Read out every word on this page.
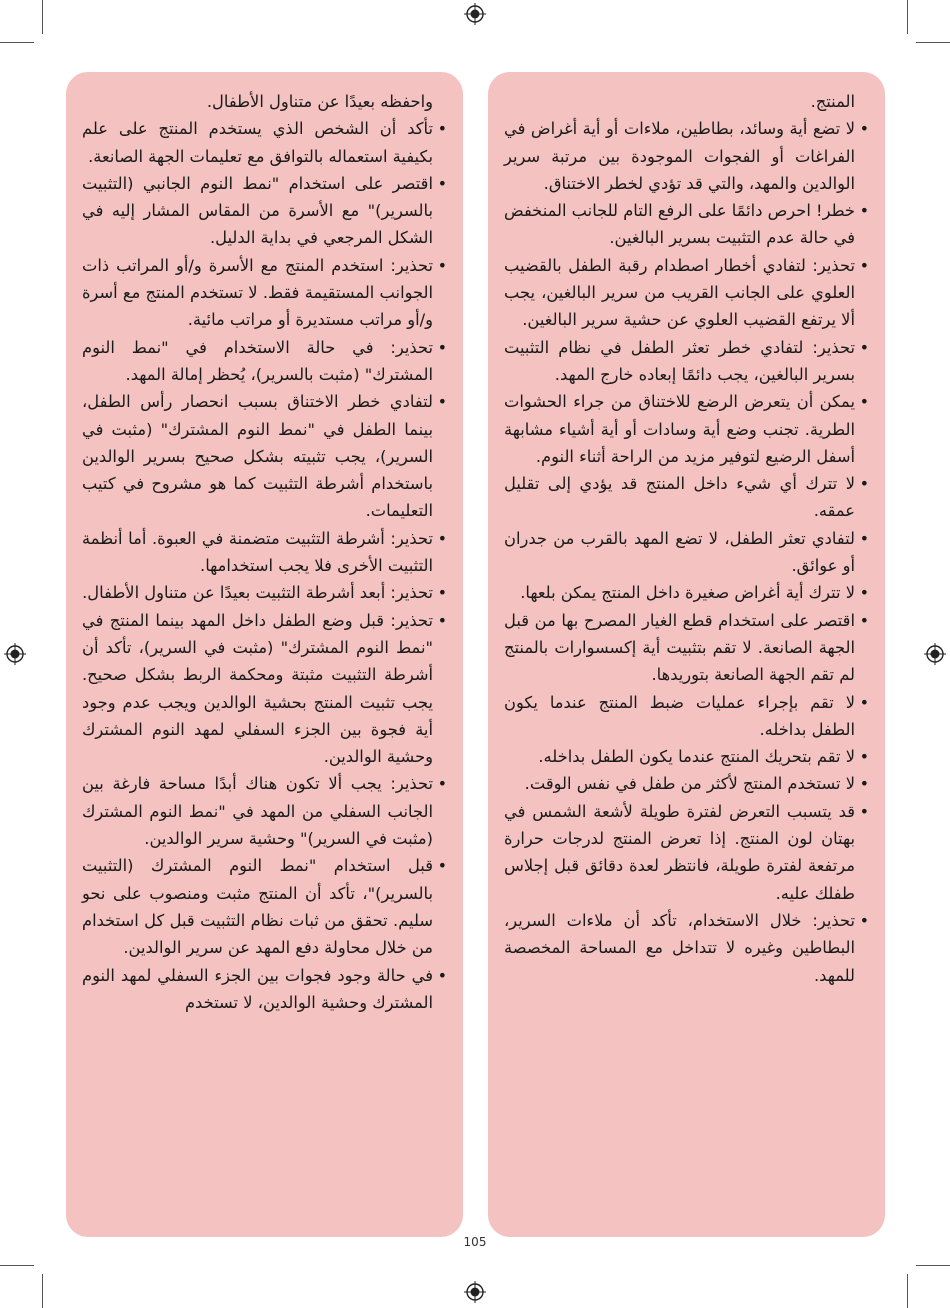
المنتج.
•
لا تضع أية وسائد، بطاطين، ملاءات أو أية أغراض في الفراغات أو الفجوات الموجودة بين مرتبة سرير الوالدين والمهد، والتي قد تؤدي لخطر الاختناق.
•
خطر! احرص دائمًا على الرفع التام للجانب المنخفض في حالة عدم التثبيت بسرير البالغين.
•
تحذير: لتفادي أخطار اصطدام رقبة الطفل بالقضيب العلوي على الجانب القريب من سرير البالغين، يجب ألا يرتفع القضيب العلوي عن حشية سرير البالغين.
•
تحذير: لتفادي خطر تعثر الطفل في نظام التثبيت بسرير البالغين، يجب دائمًا إبعاده خارج المهد.
•
يمكن أن يتعرض الرضع للاختناق من جراء الحشوات الطرية. تجنب وضع أية وسادات أو أية أشياء مشابهة أسفل الرضيع لتوفير مزيد من الراحة أثناء النوم.
•
لا تترك أي شيء داخل المنتج قد يؤدي إلى تقليل عمقه.
•
لتفادي تعثر الطفل، لا تضع المهد بالقرب من جدران أو عوائق.
•
لا تترك أية أغراض صغيرة داخل المنتج يمكن بلعها.
•
اقتصر على استخدام قطع الغيار المصرح بها من قبل الجهة الصانعة. لا تقم بتثبيت أية إكسسوارات بالمنتج لم تقم الجهة الصانعة بتوريدها.
•
لا تقم بإجراء عمليات ضبط المنتج عندما يكون الطفل بداخله.
•
لا تقم بتحريك المنتج عندما يكون الطفل بداخله.
•
لا تستخدم المنتج لأكثر من طفل في نفس الوقت.
•
قد يتسبب التعرض لفترة طويلة لأشعة الشمس في بهتان لون المنتج. إذا تعرض المنتج لدرجات حرارة مرتفعة لفترة طويلة، فانتظر لعدة دقائق قبل إجلاس طفلك عليه.
•
تحذير: خلال الاستخدام، تأكد أن ملاءات السرير، البطاطين وغيره لا تتداخل مع المساحة المخصصة للمهد.
واحفظه بعيدًا عن متناول الأطفال.
•
تأكد أن الشخص الذي يستخدم المنتج على علم بكيفية استعماله بالتوافق مع تعليمات الجهة الصانعة.
•
اقتصر على استخدام "نمط النوم الجانبي (التثبيت بالسرير)" مع الأسرة من المقاس المشار إليه في الشكل المرجعي في بداية الدليل.
•
تحذير: استخدم المنتج مع الأسرة و/أو المراتب ذات الجوانب المستقيمة فقط. لا تستخدم المنتج مع أسرة و/أو مراتب مستديرة أو مراتب مائية.
•
تحذير: في حالة الاستخدام في "نمط النوم المشترك" (مثبت بالسرير)، يُحظر إمالة المهد.
•
لتفادي خطر الاختناق بسبب انحصار رأس الطفل، بينما الطفل في "نمط النوم المشترك" (مثبت في السرير)، يجب تثبيته بشكل صحيح بسرير الوالدين باستخدام أشرطة التثبيت كما هو مشروح في كتيب التعليمات.
•
تحذير: أشرطة التثبيت متضمنة في العبوة. أما أنظمة التثبيت الأخرى فلا يجب استخدامها.
•
تحذير: أبعد أشرطة التثبيت بعيدًا عن متناول الأطفال.
•
تحذير: قبل وضع الطفل داخل المهد بينما المنتج في "نمط النوم المشترك" (مثبت في السرير)، تأكد أن أشرطة التثبيت مثبتة ومحكمة الربط بشكل صحيح. يجب تثبيت المنتج بحشية الوالدين ويجب عدم وجود أية فجوة بين الجزء السفلي لمهد النوم المشترك وحشية الوالدين.
•
تحذير: يجب ألا تكون هناك أبدًا مساحة فارغة بين الجانب السفلي من المهد في "نمط النوم المشترك (مثبت في السرير)" وحشية سرير الوالدين.
•
قبل استخدام "نمط النوم المشترك (التثبيت بالسرير)"، تأكد أن المنتج مثبت ومنصوب على نحو سليم. تحقق من ثبات نظام التثبيت قبل كل استخدام من خلال محاولة دفع المهد عن سرير الوالدين.
•
في حالة وجود فجوات بين الجزء السفلي لمهد النوم المشترك وحشية الوالدين، لا تستخدم
105
